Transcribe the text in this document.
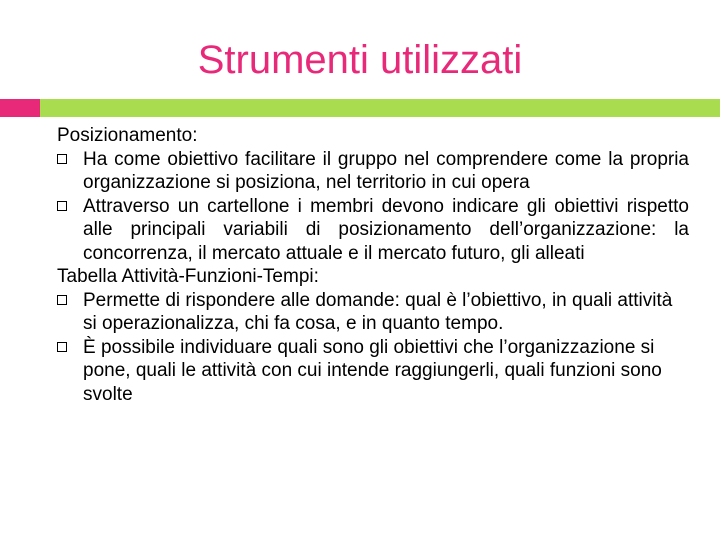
Strumenti utilizzati

Posizionamento:

Ha come obiettivo facilitare il gruppo nel comprendere come la propria organizzazione si posiziona, nel territorio in cui opera

Attraverso un cartellone i membri devono indicare gli obiettivi rispetto alle principali variabili di posizionamento dell’organizzazione: la concorrenza, il mercato attuale e il mercato futuro, gli alleati

Tabella Attività-Funzioni-Tempi:

Permette di rispondere alle domande: qual è l’obiettivo, in quali attività si operazionalizza, chi fa cosa, e in quanto tempo.

È possibile individuare quali sono gli obiettivi che l’organizzazione si pone, quali le attività con cui intende raggiungerli, quali funzioni sono svolte
